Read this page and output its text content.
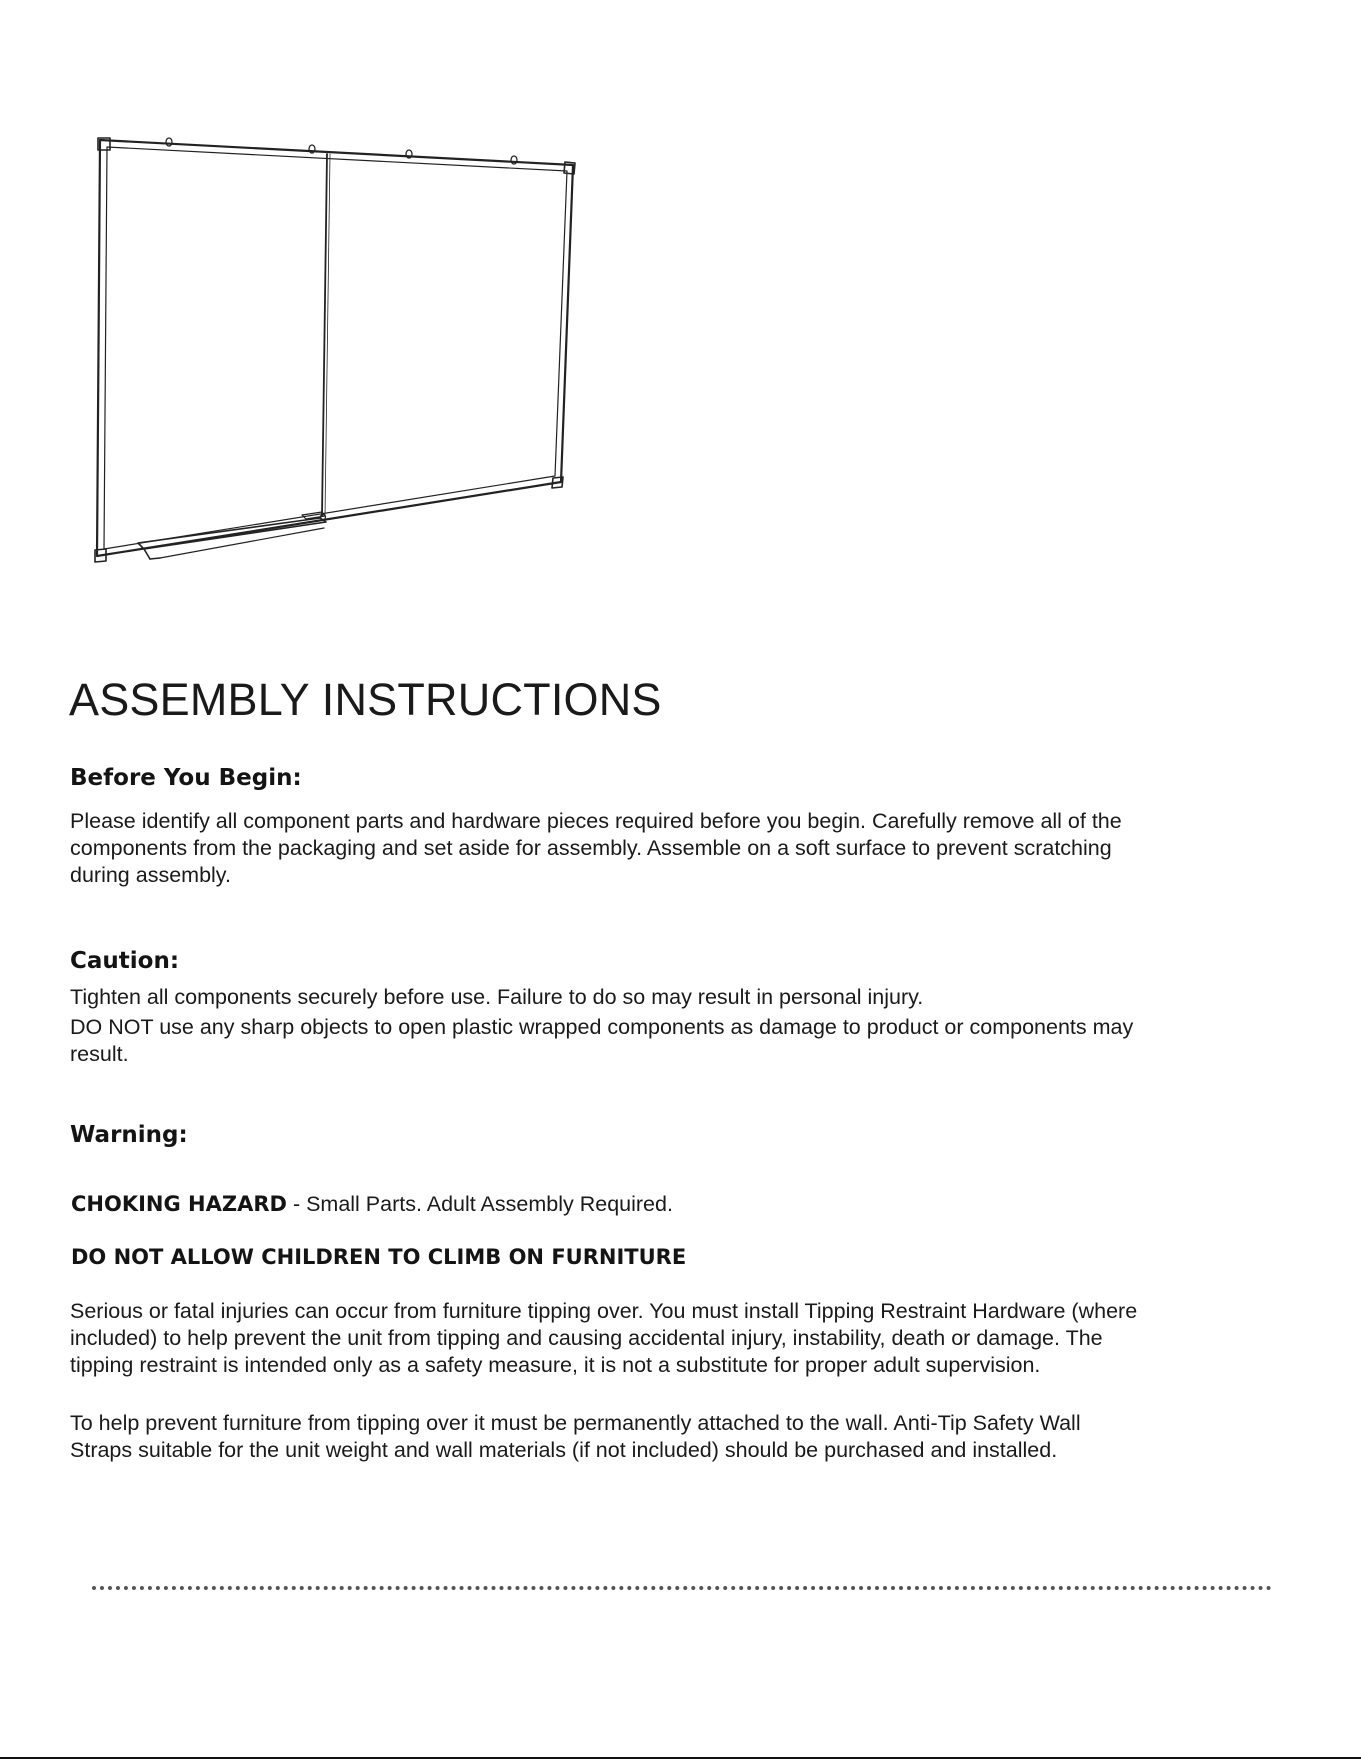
ASSEMBLY INSTRUCTIONS
Before You Begin:

Please identify all component parts and hardware pieces required before you begin. Carefully remove all of the
components from the packaging and set aside for assembly. Assemble on a soft surface to prevent scratching
during assembly.

Caution:

Tighten all components securely before use. Failure to do so may result in personal injury.

DO NOT use any sharp objects to open plastic wrapped components as damage to product or components may
result.

Warning:

CHOKING HAZARD - Small Parts. Adult Assembly Required.

DO NOT ALLOW CHILDREN TO CLIMB ON FURNITURE

Serious or fatal injuries can occur from furniture tipping over. You must install Tipping Restraint Hardware (where
included) to help prevent the unit from tipping and causing accidental injury, instability, death or damage. The
tipping restraint is intended only as a safety measure, it is not a substitute for proper adult supervision.

To help prevent furniture from tipping over it must be permanently attached to the wall. Anti-Tip Safety Wall
Straps suitable for the unit weight and wall materials (if not included) should be purchased and installed.
